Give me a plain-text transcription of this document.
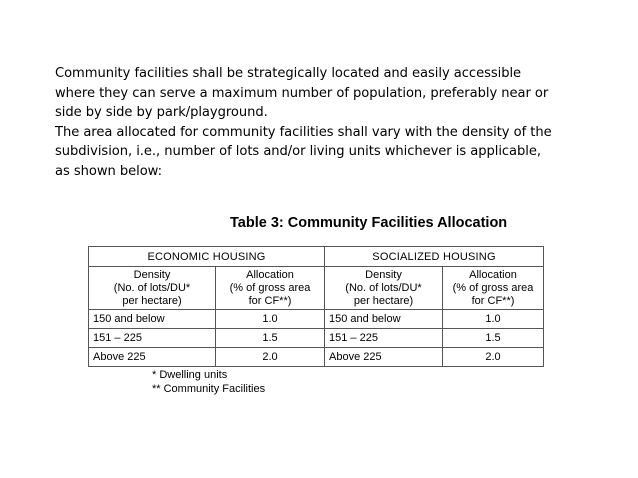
Community facilities shall be strategically located and easily accessible
where they can serve a maximum number of population, preferably near or
side by side by park/playground.
The area allocated for community facilities shall vary with the density of the
subdivision, i.e., number of lots and/or living units whichever is applicable,
as shown below:
Table 3: Community Facilities Allocation
ECONOMIC HOUSING		SOCIALIZED HOUSING	

Density
(No. of lots/DU*
per hectare)	Allocation
(% of gross area
for CF**)	Density
(No. of lots/DU*
per hectare)	Allocation
(% of gross area
for CF**)

150 and below	1.0	150 and below	1.0
151 – 225	1.5	151 – 225	1.5
Above 225	2.0	Above 225	2.0
* Dwelling units
** Community Facilities
